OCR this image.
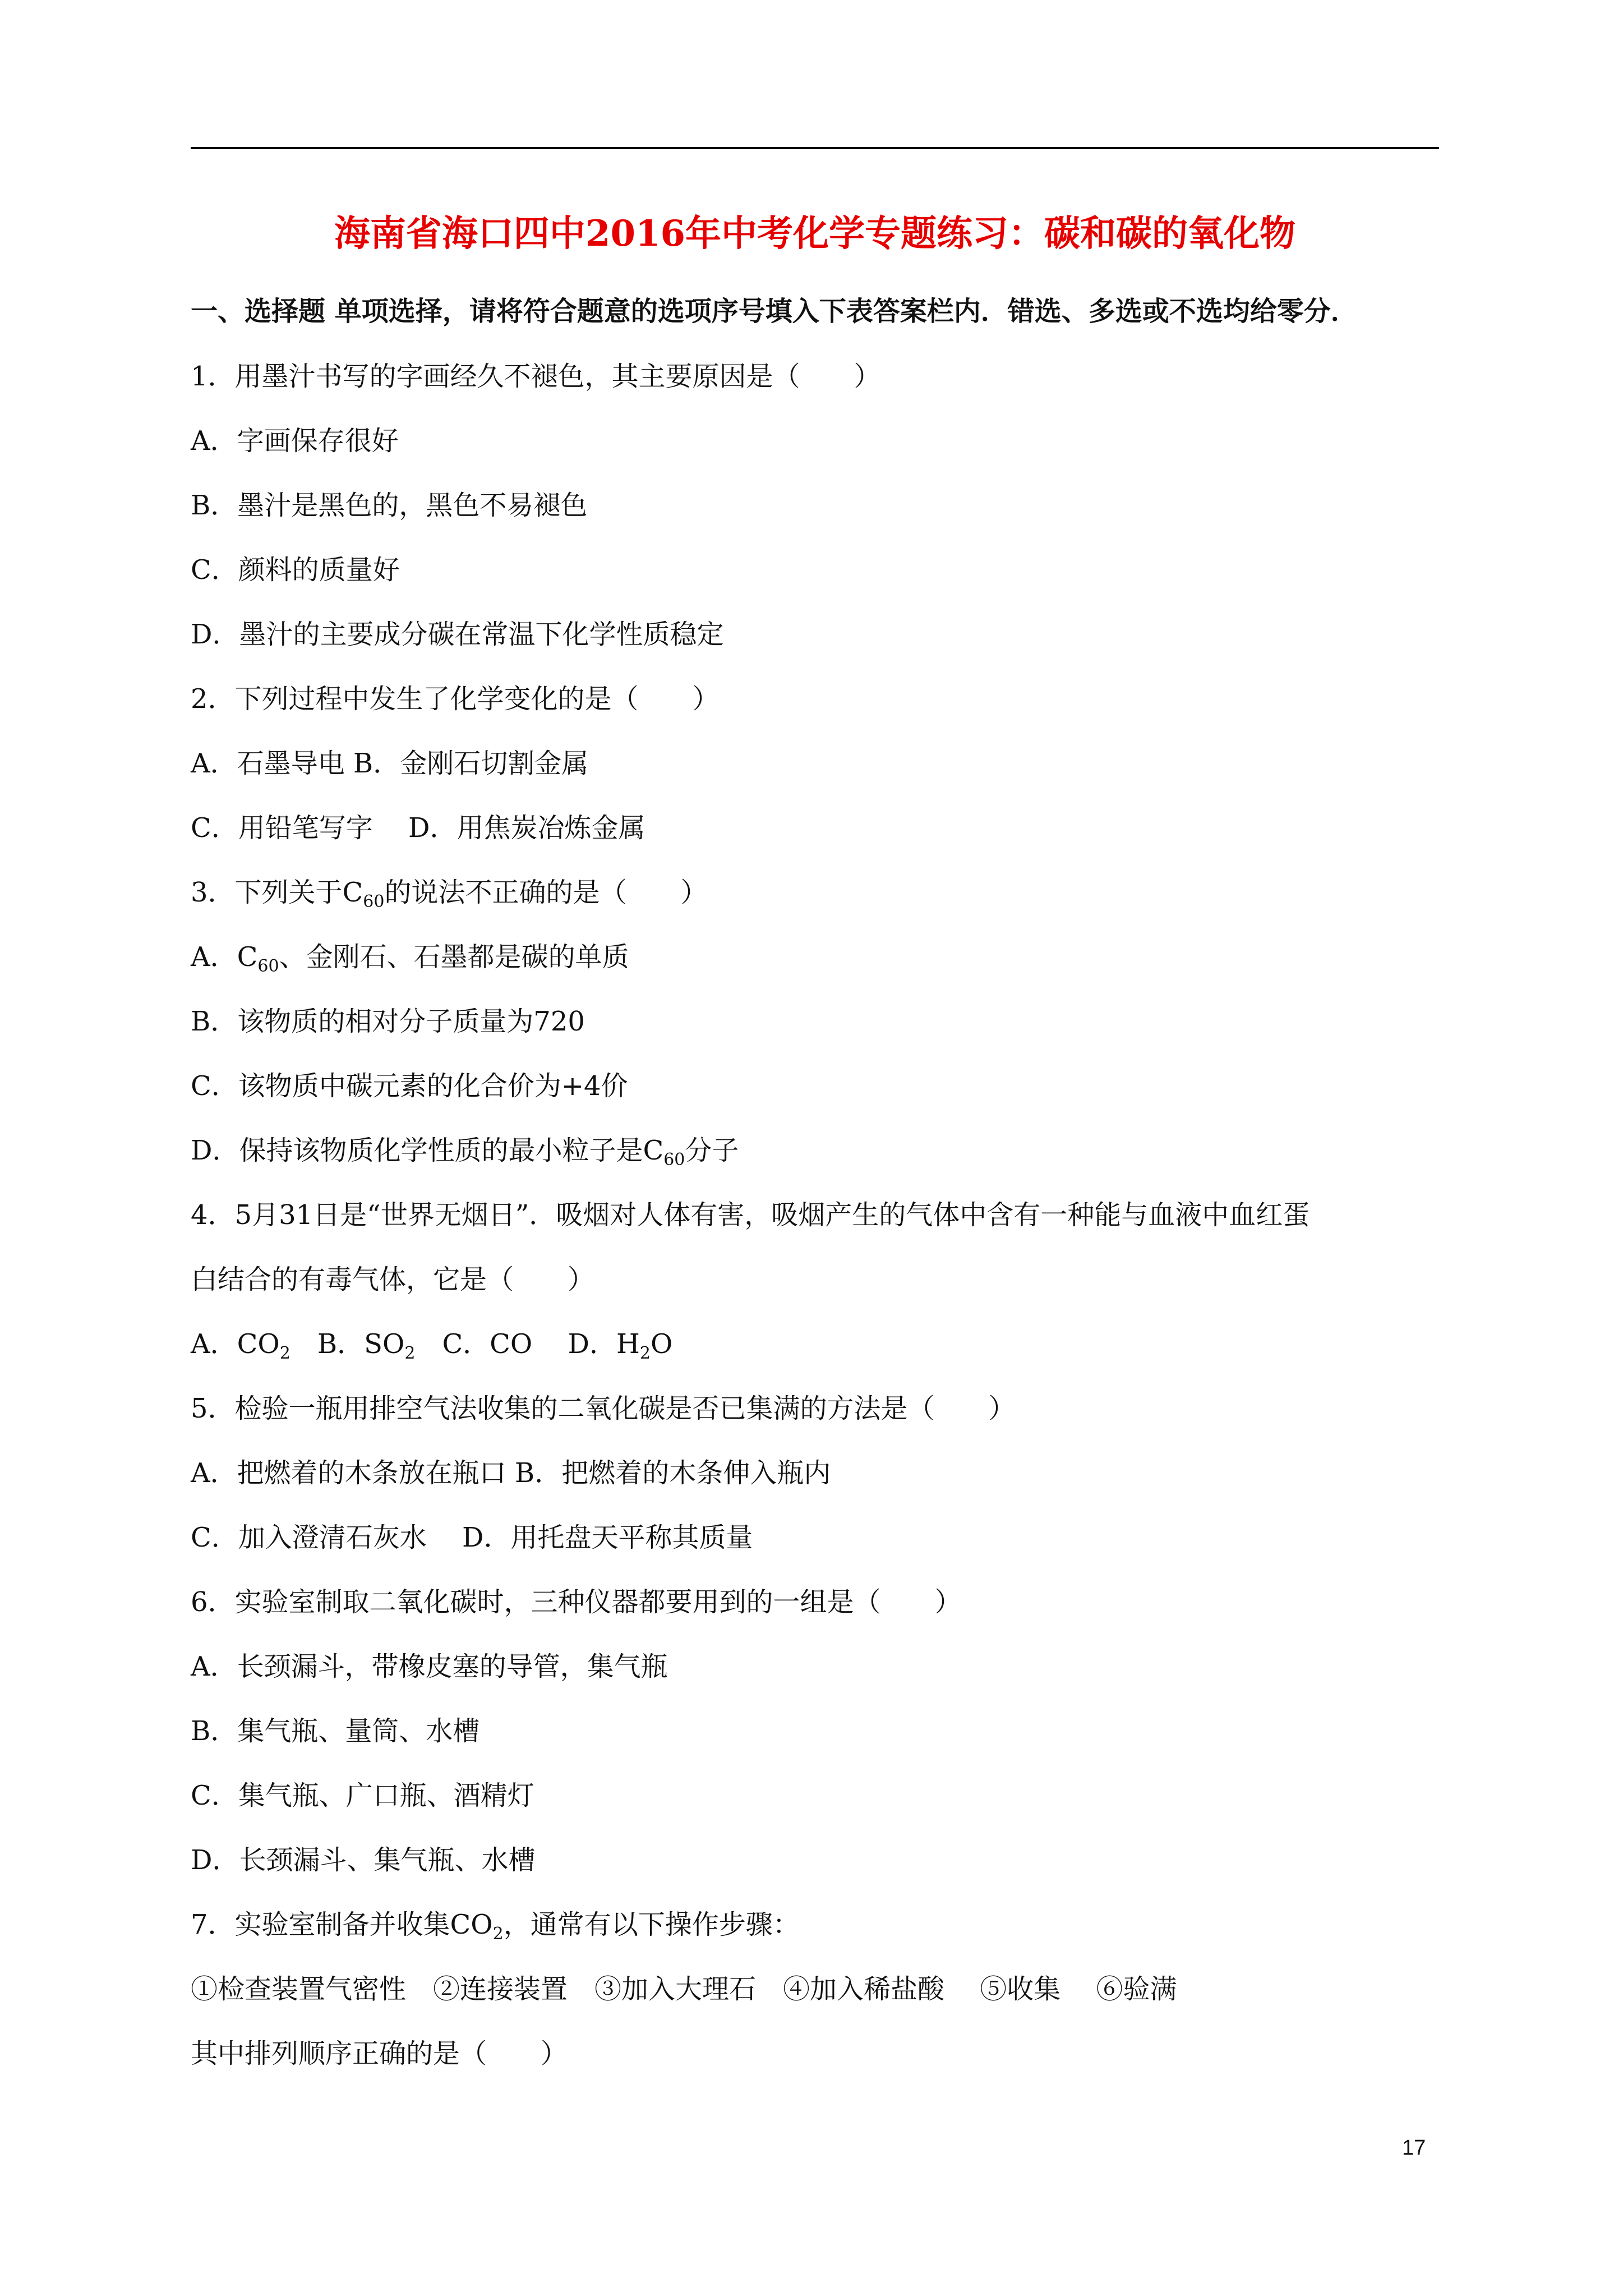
海南省海口四中2016年中考化学专题练习：碳和碳的氧化物
一、选择题 单项选择，请将符合题意的选项序号填入下表答案栏内．错选、多选或不选均给零分．
1．用墨汁书写的字画经久不褪色，其主要原因是（　　）
A．字画保存很好
B．墨汁是黑色的，黑色不易褪色
C．颜料的质量好
D．墨汁的主要成分碳在常温下化学性质稳定
2．下列过程中发生了化学变化的是（　　）
A．石墨导电 B．金刚石切割金属
C．用铅笔写字　 D．用焦炭冶炼金属
3．下列关于$C_{60}$的说法不正确的是（　　）
A．$C_{60}$、金刚石、石墨都是碳的单质
B．该物质的相对分子质量为720
C．该物质中碳元素的化合价为+4价
D．保持该物质化学性质的最小粒子是$C_{60}$分子
4．5月31日是“世界无烟日”．吸烟对人体有害，吸烟产生的气体中含有一种能与血液中血红蛋
白结合的有毒气体，它是（　　）
A．$CO_2$　B．$SO_2$　C．CO　 D．$H_2O$
5．检验一瓶用排空气法收集的二氧化碳是否已集满的方法是（　　）
A．把燃着的木条放在瓶口 B．把燃着的木条伸入瓶内
C．加入澄清石灰水　 D．用托盘天平称其质量
6．实验室制取二氧化碳时，三种仪器都要用到的一组是（　　）
A．长颈漏斗，带橡皮塞的导管，集气瓶
B．集气瓶、量筒、水槽
C．集气瓶、广口瓶、酒精灯
D．长颈漏斗、集气瓶、水槽
7．实验室制备并收集$CO_2$，通常有以下操作步骤：
①检查装置气密性　②连接装置　③加入大理石　④加入稀盐酸　 ⑤收集　 ⑥验满
其中排列顺序正确的是（　　）
17
